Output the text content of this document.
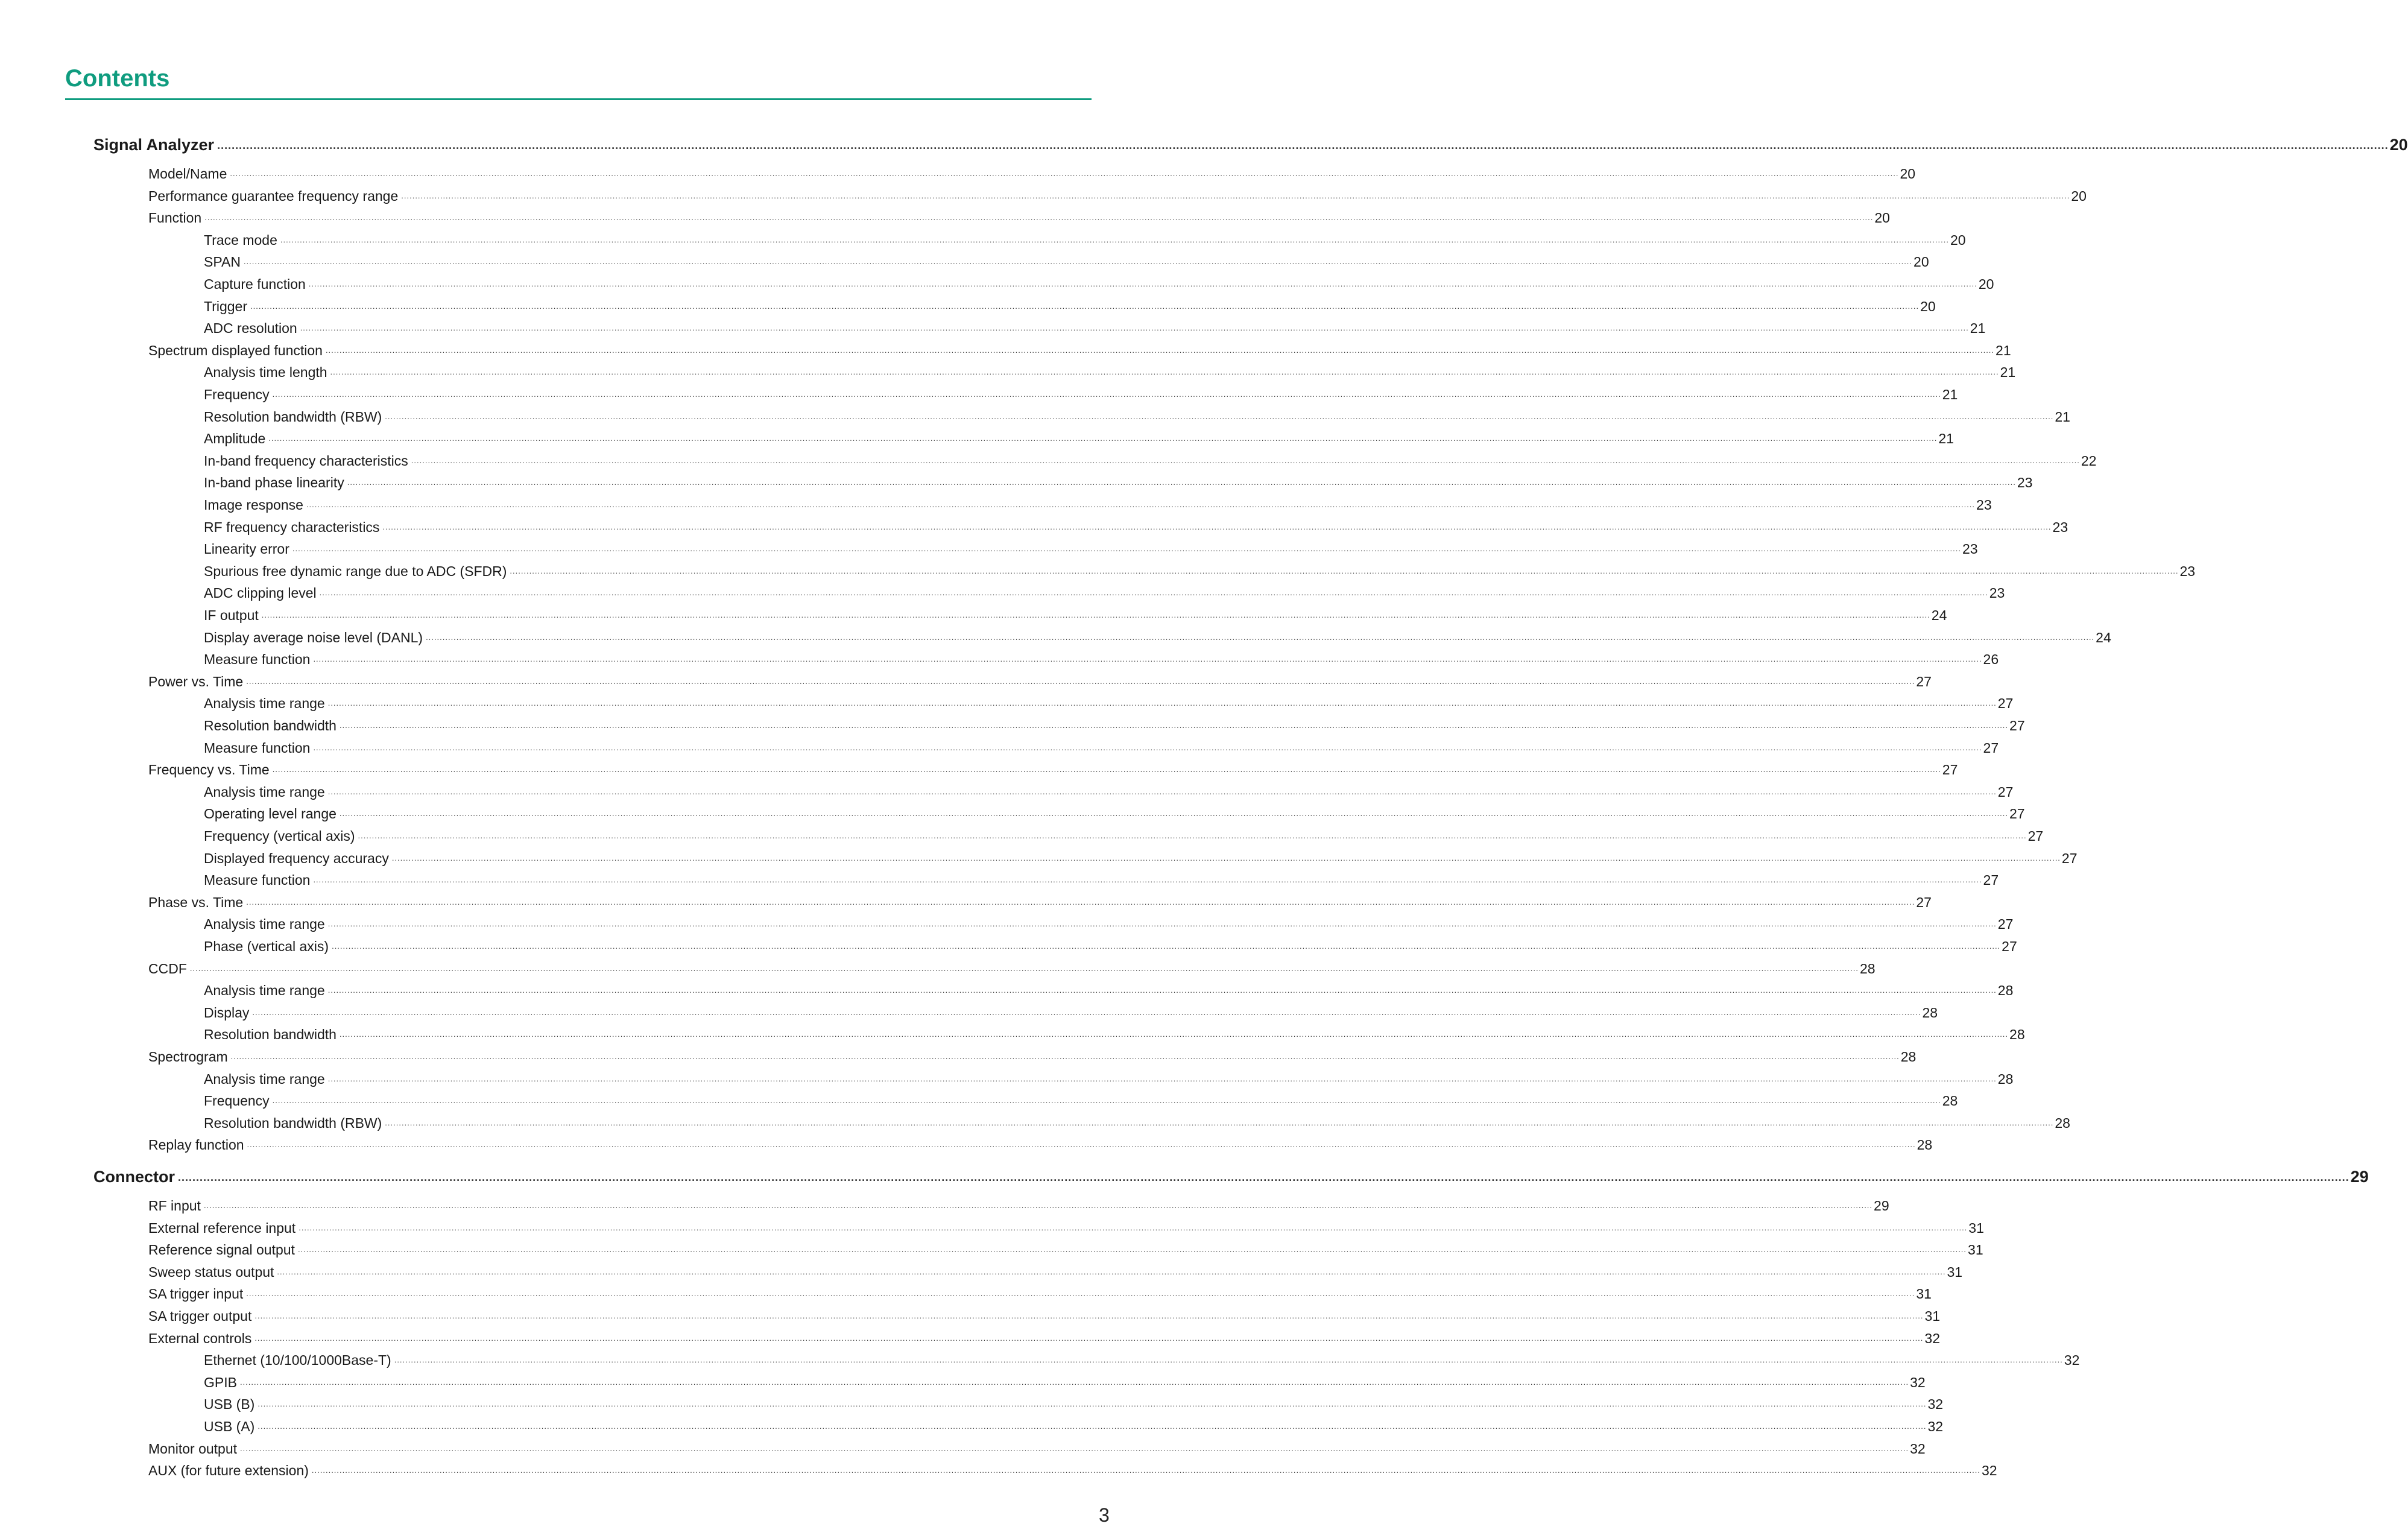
Contents
Signal Analyzer ........................................................................................................................................................................................................................................................................................................................................................................................................................................................................................................................................................................................................................ 20
Model/Name ........................................................................................................................................................................................................................................................................................................................................................................................................................................................................................................................................................................................................................ 20
Performance guarantee frequency range ........................................................................................................................................................................................................................................................................................................................................................................................................................................................................................................................................................................................................................ 20
Function ........................................................................................................................................................................................................................................................................................................................................................................................................................................................................................................................................................................................................................ 20
Trace mode ........................................................................................................................................................................................................................................................................................................................................................................................................................................................................................................................................................................................................................ 20
SPAN ........................................................................................................................................................................................................................................................................................................................................................................................................................................................................................................................................................................................................................ 20
Capture function ........................................................................................................................................................................................................................................................................................................................................................................................................................................................................................................................................................................................................................ 20
Trigger ........................................................................................................................................................................................................................................................................................................................................................................................................................................................................................................................................................................................................................ 20
ADC resolution ........................................................................................................................................................................................................................................................................................................................................................................................................................................................................................................................................................................................................................ 21
Spectrum displayed function ........................................................................................................................................................................................................................................................................................................................................................................................................................................................................................................................................................................................................................ 21
Analysis time length ........................................................................................................................................................................................................................................................................................................................................................................................................................................................................................................................................................................................................................ 21
Frequency ........................................................................................................................................................................................................................................................................................................................................................................................................................................................................................................................................................................................................................ 21
Resolution bandwidth (RBW) ........................................................................................................................................................................................................................................................................................................................................................................................................................................................................................................................................................................................................................ 21
Amplitude ........................................................................................................................................................................................................................................................................................................................................................................................................................................................................................................................................................................................................................ 21
In-band frequency characteristics ........................................................................................................................................................................................................................................................................................................................................................................................................................................................................................................................................................................................................................ 22
In-band phase linearity ........................................................................................................................................................................................................................................................................................................................................................................................................................................................................................................................................................................................................................ 23
Image response ........................................................................................................................................................................................................................................................................................................................................................................................................................................................................................................................................................................................................................ 23
RF frequency characteristics ........................................................................................................................................................................................................................................................................................................................................................................................................................................................................................................................................................................................................................ 23
Linearity error ........................................................................................................................................................................................................................................................................................................................................................................................................................................................................................................................................................................................................................ 23
Spurious free dynamic range due to ADC (SFDR) ........................................................................................................................................................................................................................................................................................................................................................................................................................................................................................................................................................................................................................ 23
ADC clipping level ........................................................................................................................................................................................................................................................................................................................................................................................................................................................................................................................................................................................................................ 23
IF output ........................................................................................................................................................................................................................................................................................................................................................................................................................................................................................................................................................................................................................ 24
Display average noise level (DANL) ........................................................................................................................................................................................................................................................................................................................................................................................................................................................................................................................................................................................................................ 24
Measure function ........................................................................................................................................................................................................................................................................................................................................................................................................................................................................................................................................................................................................................ 26
Power vs. Time ........................................................................................................................................................................................................................................................................................................................................................................................................................................................................................................................................................................................................................ 27
Analysis time range ........................................................................................................................................................................................................................................................................................................................................................................................................................................................................................................................................................................................................................ 27
Resolution bandwidth ........................................................................................................................................................................................................................................................................................................................................................................................................................................................................................................................................................................................................................ 27
Measure function ........................................................................................................................................................................................................................................................................................................................................................................................................................................................................................................................................................................................................................ 27
Frequency vs. Time ........................................................................................................................................................................................................................................................................................................................................................................................................................................................................................................................................................................................................................ 27
Analysis time range ........................................................................................................................................................................................................................................................................................................................................................................................................................................................................................................................................................................................................................ 27
Operating level range ........................................................................................................................................................................................................................................................................................................................................................................................................................................................................................................................................................................................................................ 27
Frequency (vertical axis) ........................................................................................................................................................................................................................................................................................................................................................................................................................................................................................................................................................................................................................ 27
Displayed frequency accuracy ........................................................................................................................................................................................................................................................................................................................................................................................................................................................................................................................................................................................................................ 27
Measure function ........................................................................................................................................................................................................................................................................................................................................................................................................................................................................................................................................................................................................................ 27
Phase vs. Time ........................................................................................................................................................................................................................................................................................................................................................................................................................................................................................................................................................................................................................ 27
Analysis time range ........................................................................................................................................................................................................................................................................................................................................................................................................................................................................................................................................................................................................................ 27
Phase (vertical axis) ........................................................................................................................................................................................................................................................................................................................................................................................................................................................................................................................................................................................................................ 27
CCDF ........................................................................................................................................................................................................................................................................................................................................................................................................................................................................................................................................................................................................................ 28
Analysis time range ........................................................................................................................................................................................................................................................................................................................................................................................................................................................................................................................................................................................................................ 28
Display ........................................................................................................................................................................................................................................................................................................................................................................................................................................................................................................................................................................................................................ 28
Resolution bandwidth ........................................................................................................................................................................................................................................................................................................................................................................................................................................................................................................................................................................................................................ 28
Spectrogram ........................................................................................................................................................................................................................................................................................................................................................................................................................................................................................................................................................................................................................ 28
Analysis time range ........................................................................................................................................................................................................................................................................................................................................................................................................................................................................................................................................................................................................................ 28
Frequency ........................................................................................................................................................................................................................................................................................................................................................................................................................................................................................................................................................................................................................ 28
Resolution bandwidth (RBW) ........................................................................................................................................................................................................................................................................................................................................................................................................................................................................................................................................................................................................................ 28
Replay function ........................................................................................................................................................................................................................................................................................................................................................................................................................................................................................................................................................................................................................ 28
Connector ........................................................................................................................................................................................................................................................................................................................................................................................................................................................................................................................................................................................................................ 29
RF input ........................................................................................................................................................................................................................................................................................................................................................................................................................................................................................................................................................................................................................ 29
External reference input ........................................................................................................................................................................................................................................................................................................................................................................................................................................................................................................................................................................................................................ 31
Reference signal output ........................................................................................................................................................................................................................................................................................................................................................................................................................................................................................................................................................................................................................ 31
Sweep status output ........................................................................................................................................................................................................................................................................................................................................................................................................................................................................................................................................................................................................................ 31
SA trigger input ........................................................................................................................................................................................................................................................................................................................................................................................................................................................................................................................................................................................................................ 31
SA trigger output ........................................................................................................................................................................................................................................................................................................................................................................................................................................................................................................................................................................................................................ 31
External controls ........................................................................................................................................................................................................................................................................................................................................................................................................................................................................................................................................................................................................................ 32
Ethernet (10/100/1000Base-T) ........................................................................................................................................................................................................................................................................................................................................................................................................................................................................................................................................................................................................................ 32
GPIB ........................................................................................................................................................................................................................................................................................................................................................................................................................................................................................................................................................................................................................ 32
USB (B) ........................................................................................................................................................................................................................................................................................................................................................................................................................................................................................................................................................................................................................ 32
USB (A) ........................................................................................................................................................................................................................................................................................................................................................................................................................................................................................................................................................................................................................ 32
Monitor output ........................................................................................................................................................................................................................................................................................................................................................................................................................................................................................................................................................................................................................ 32
AUX (for future extension) ........................................................................................................................................................................................................................................................................................................................................................................................................................................................................................................................................................................................................................ 32
3
